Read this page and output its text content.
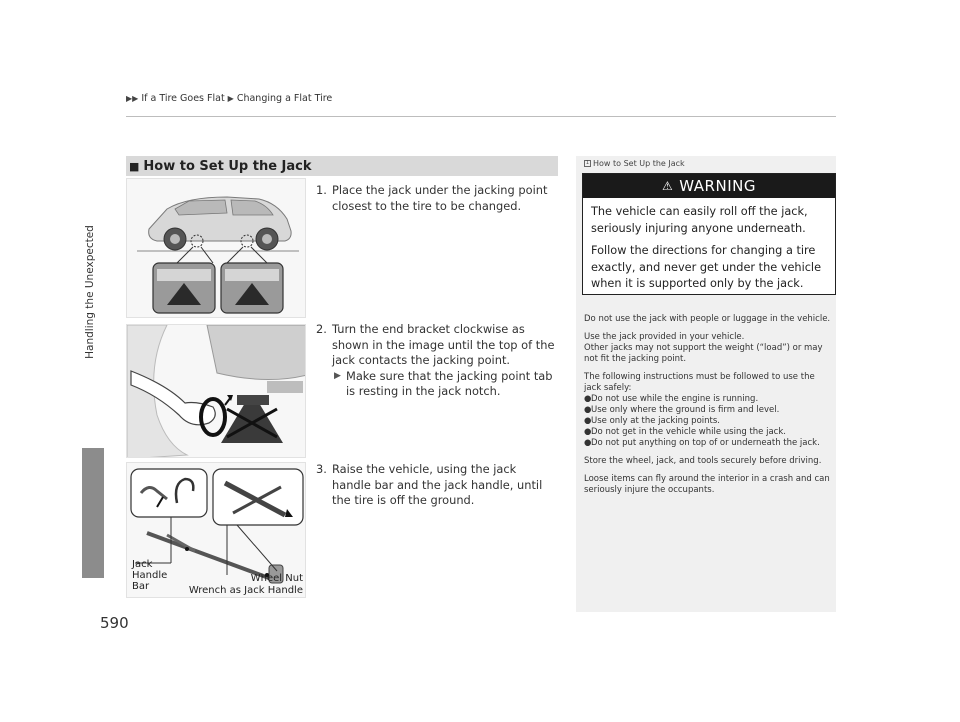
▶▶ If a Tire Goes Flat ▶ Changing a Flat Tire
Handling the Unexpected
590
■ How to Set Up the Jack
Jack
Handle
Bar
Wheel Nut
Wrench as Jack Handle
1. Place the jack under the jacking point closest to the tire to be changed.
2. Turn the end bracket clockwise as shown in the image until the top of the jack contacts the jacking point.
▶ Make sure that the jacking point tab is resting in the jack notch.
3. Raise the vehicle, using the jack handle bar and the jack handle, until the tire is off the ground.
1 How to Set Up the Jack
⚠ WARNING

The vehicle can easily roll off the jack, seriously injuring anyone underneath.

Follow the directions for changing a tire exactly, and never get under the vehicle when it is supported only by the jack.

Do not use the jack with people or luggage in the vehicle.

Use the jack provided in your vehicle.
Other jacks may not support the weight (“load”) or may not fit the jacking point.

The following instructions must be followed to use the jack safely:
● Do not use while the engine is running.
● Use only where the ground is firm and level.
● Use only at the jacking points.
● Do not get in the vehicle while using the jack.
● Do not put anything on top of or underneath the jack.

Store the wheel, jack, and tools securely before driving.

Loose items can fly around the interior in a crash and can seriously injure the occupants.
